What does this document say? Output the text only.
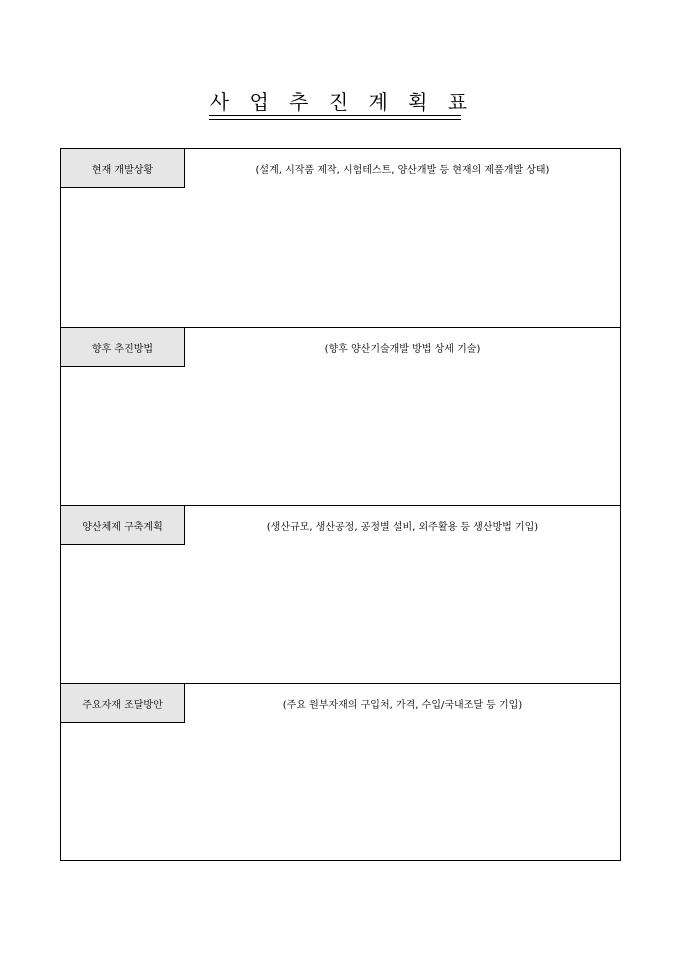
사 업 추 진 계 획 표
현재 개발상황	(설계, 시작품 제작, 시험테스트, 양산개발 등 현재의 제품개발 상태)
향후 추진방법	(향후 양산기술개발 방법 상세 기술)
양산체제 구축계획	(생산규모, 생산공정, 공정별 설비, 외주활용 등 생산방법 기입)
주요자재 조달방안	(주요 원부자재의 구입처, 가격, 수입/국내조달 등 기입)
